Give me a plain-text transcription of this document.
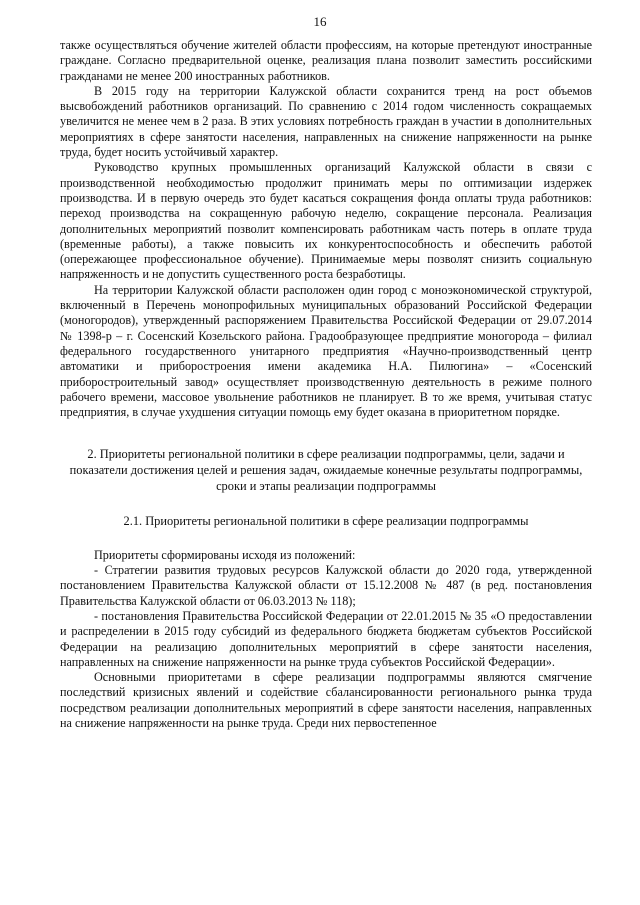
16

также осуществляться обучение жителей области профессиям, на которые претендуют иностранные граждане. Согласно предварительной оценке, реализация плана позволит заместить российскими гражданами не менее 200 иностранных работников.

В 2015 году на территории Калужской области сохранится тренд на рост объемов высвобождений работников организаций. По сравнению с 2014 годом численность сокращаемых увеличится не менее чем в 2 раза. В этих условиях потребность граждан в участии в дополнительных мероприятиях в сфере занятости населения, направленных на снижение напряженности на рынке труда, будет носить устойчивый характер.

Руководство крупных промышленных организаций Калужской области в связи с производственной необходимостью продолжит принимать меры по оптимизации издержек производства. И в первую очередь это будет касаться сокращения фонда оплаты труда работников: переход производства на сокращенную рабочую неделю, сокращение персонала. Реализация дополнительных мероприятий позволит компенсировать работникам часть потерь в оплате труда (временные работы), а также повысить их конкурентоспособность и обеспечить работой (опережающее профессиональное обучение). Принимаемые меры позволят снизить социальную напряженность и не допустить существенного роста безработицы.

На территории Калужской области расположен один город с моноэкономической структурой, включенный в Перечень монопрофильных муниципальных образований Российской Федерации (моногородов), утвержденный распоряжением Правительства Российской Федерации от 29.07.2014 № 1398-р – г. Сосенский Козельского района. Градообразующее предприятие моногорода – филиал федерального государственного унитарного предприятия «Научно-производственный центр автоматики и приборостроения имени академика Н.А. Пилюгина» – «Сосенский приборостроительный завод» осуществляет производственную деятельность в режиме полного рабочего времени, массовое увольнение работников не планирует. В то же время, учитывая статус предприятия, в случае ухудшения ситуации помощь ему будет оказана в приоритетном порядке.

2. Приоритеты региональной политики в сфере реализации подпрограммы, цели, задачи и показатели достижения целей и решения задач, ожидаемые конечные результаты подпрограммы, сроки и этапы реализации подпрограммы

2.1. Приоритеты региональной политики в сфере реализации подпрограммы

Приоритеты сформированы исходя из положений:

- Стратегии развития трудовых ресурсов Калужской области до 2020 года, утвержденной постановлением Правительства Калужской области от 15.12.2008 № 487 (в ред. постановления Правительства Калужской области от 06.03.2013 № 118);

- постановления Правительства Российской Федерации от 22.01.2015 № 35 «О предоставлении и распределении в 2015 году субсидий из федерального бюджета бюджетам субъектов Российской Федерации на реализацию дополнительных мероприятий в сфере занятости населения, направленных на снижение напряженности на рынке труда субъектов Российской Федерации».

Основными приоритетами в сфере реализации подпрограммы являются смягчение последствий кризисных явлений и содействие сбалансированности регионального рынка труда посредством реализации дополнительных мероприятий в сфере занятости населения, направленных на снижение напряженности на рынке труда. Среди них первостепенное
